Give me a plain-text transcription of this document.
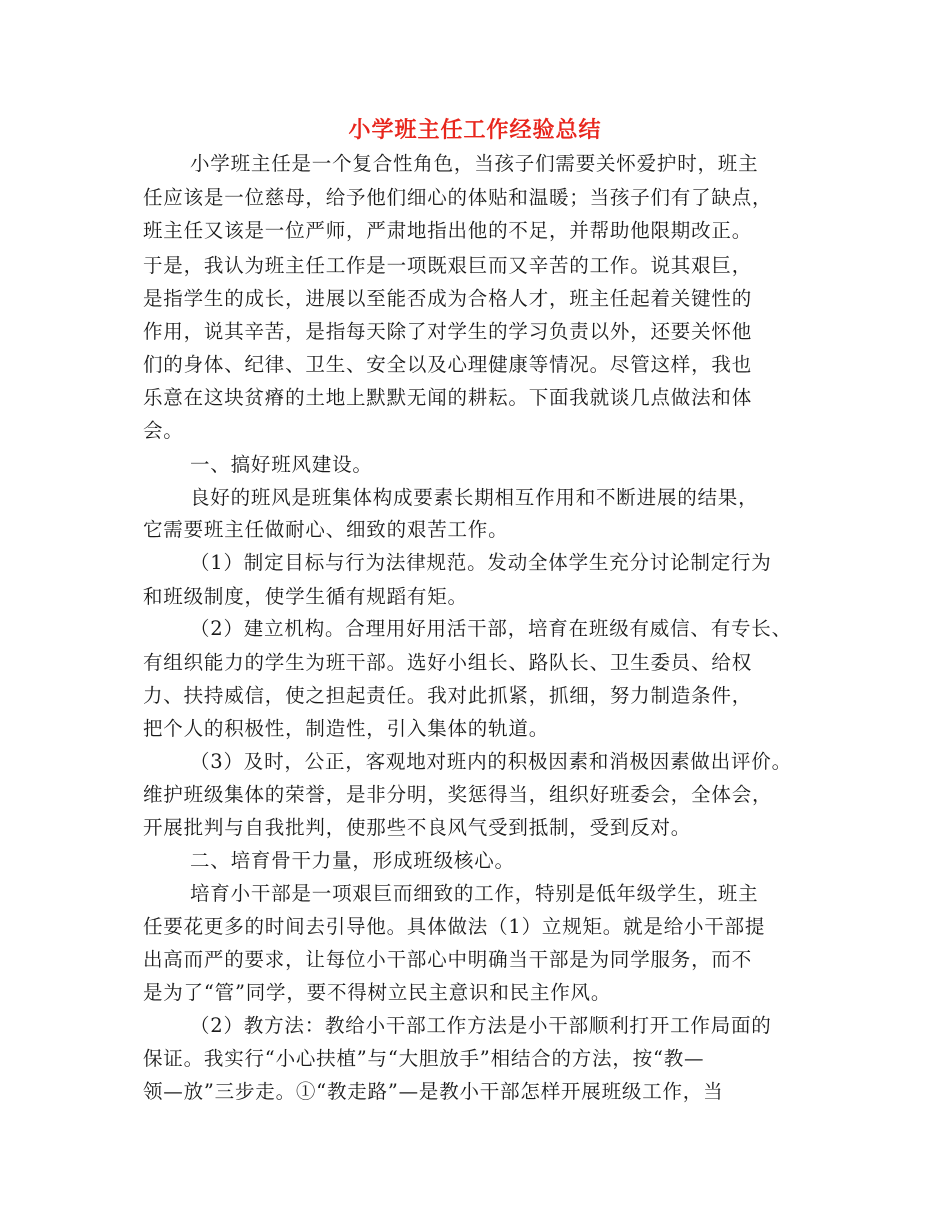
小学班主任工作经验总结
小学班主任是一个复合性角色，当孩子们需要关怀爱护时，班主
任应该是一位慈母，给予他们细心的体贴和温暖；当孩子们有了缺点，
班主任又该是一位严师，严肃地指出他的不足，并帮助他限期改正。
于是，我认为班主任工作是一项既艰巨而又辛苦的工作。说其艰巨，
是指学生的成长，进展以至能否成为合格人才，班主任起着关键性的
作用，说其辛苦，是指每天除了对学生的学习负责以外，还要关怀他
们的身体、纪律、卫生、安全以及心理健康等情况。尽管这样，我也
乐意在这块贫瘠的土地上默默无闻的耕耘。下面我就谈几点做法和体
会。
一、搞好班风建设。
良好的班风是班集体构成要素长期相互作用和不断进展的结果，
它需要班主任做耐心、细致的艰苦工作。
（1）制定目标与行为法律规范。发动全体学生充分讨论制定行为
和班级制度，使学生循有规蹈有矩。
（2）建立机构。合理用好用活干部，培育在班级有威信、有专长、
有组织能力的学生为班干部。选好小组长、路队长、卫生委员、给权
力、扶持威信，使之担起责任。我对此抓紧，抓细，努力制造条件，
把个人的积极性，制造性，引入集体的轨道。
（3）及时，公正，客观地对班内的积极因素和消极因素做出评价。
维护班级集体的荣誉，是非分明，奖惩得当，组织好班委会，全体会，
开展批判与自我批判，使那些不良风气受到抵制，受到反对。
二、培育骨干力量，形成班级核心。
培育小干部是一项艰巨而细致的工作，特别是低年级学生，班主
任要花更多的时间去引导他。具体做法（1）立规矩。就是给小干部提
出高而严的要求，让每位小干部心中明确当干部是为同学服务，而不
是为了“管”同学，要不得树立民主意识和民主作风。
（2）教方法：教给小干部工作方法是小干部顺利打开工作局面的
保证。我实行“小心扶植”与“大胆放手”相结合的方法，按“教—
领—放”三步走。①“教走路”—是教小干部怎样开展班级工作，当
